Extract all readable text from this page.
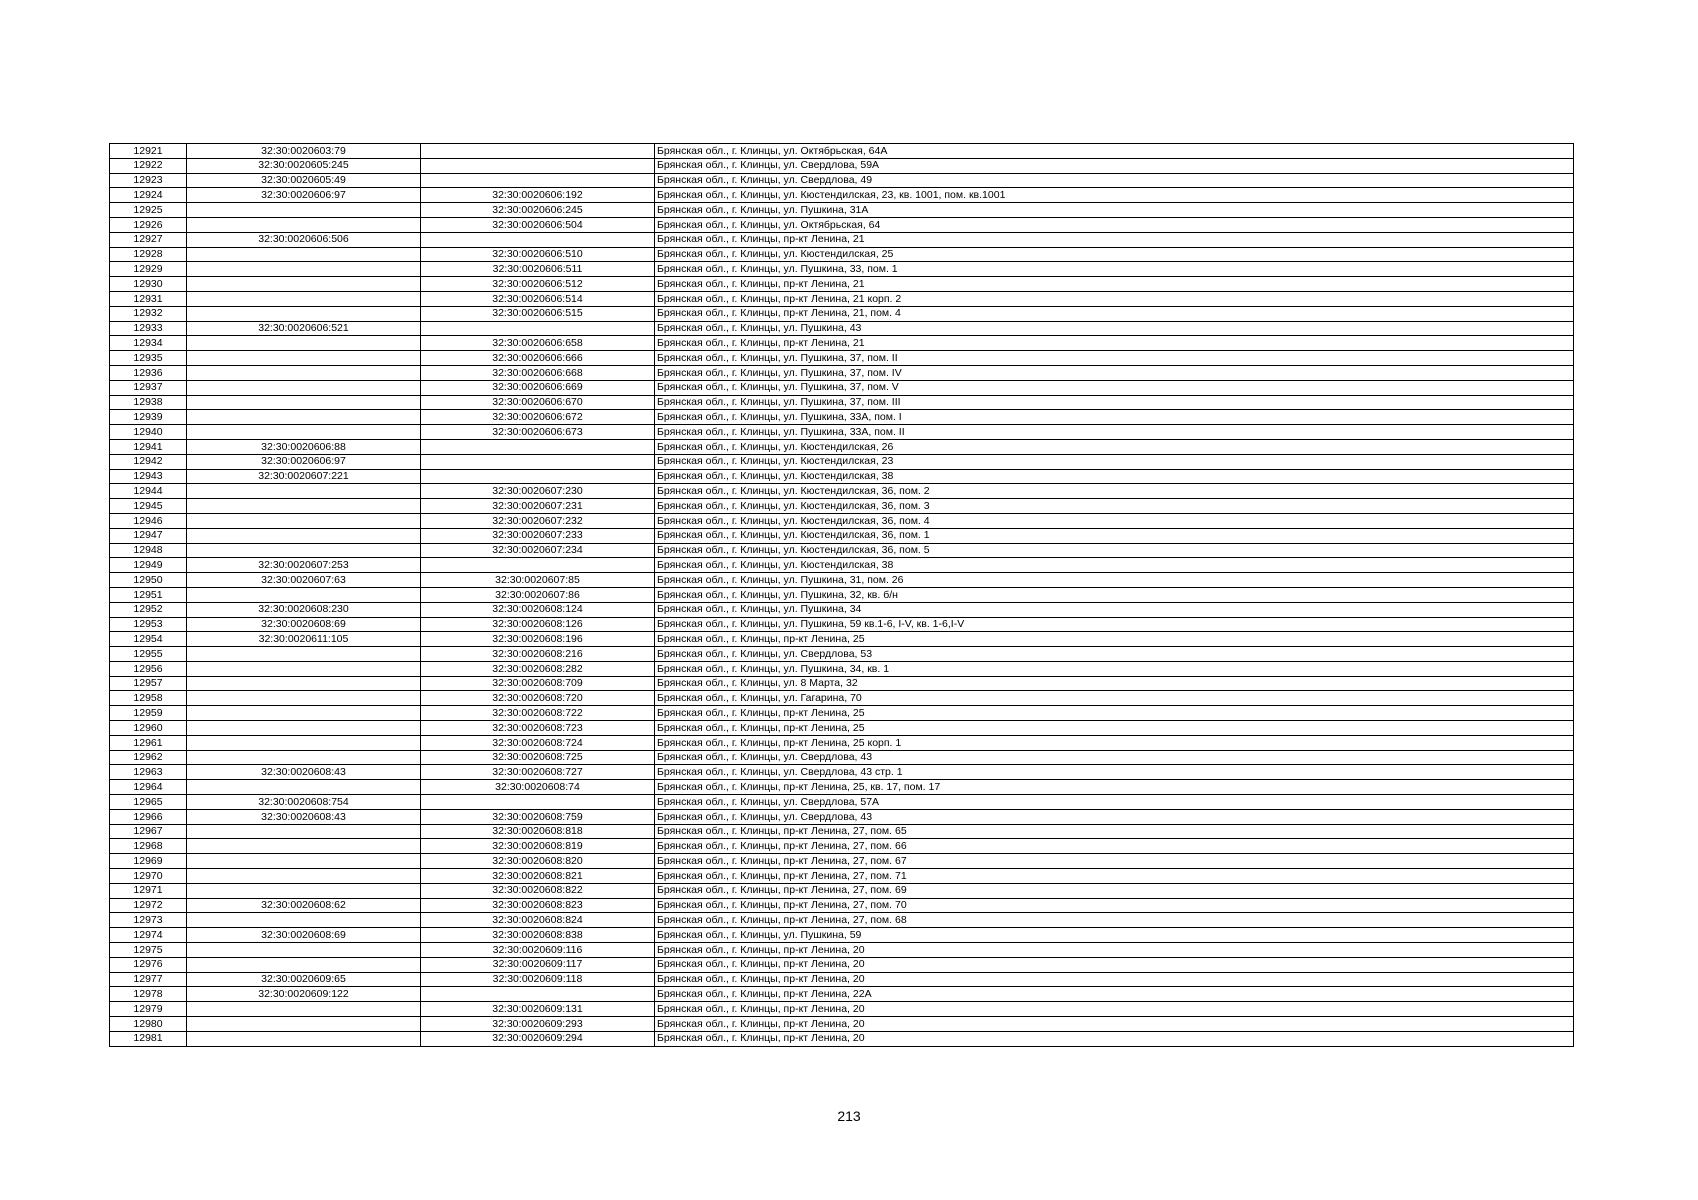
12921	32:30:0020603:79		Брянская обл., г. Клинцы, ул. Октябрьская, 64А
12922	32:30:0020605:245		Брянская обл., г. Клинцы, ул. Свердлова, 59А
12923	32:30:0020605:49		Брянская обл., г. Клинцы, ул. Свердлова, 49
12924	32:30:0020606:97	32:30:0020606:192	Брянская обл., г. Клинцы, ул. Кюстендилская, 23, кв. 1001, пом. кв.1001
12925		32:30:0020606:245	Брянская обл., г. Клинцы, ул. Пушкина, 31А
12926		32:30:0020606:504	Брянская обл., г. Клинцы, ул. Октябрьская, 64
12927	32:30:0020606:506		Брянская обл., г. Клинцы, пр-кт Ленина, 21
12928		32:30:0020606:510	Брянская обл., г. Клинцы, ул. Кюстендилская, 25
12929		32:30:0020606:511	Брянская обл., г. Клинцы, ул. Пушкина, 33, пом. 1
12930		32:30:0020606:512	Брянская обл., г. Клинцы, пр-кт Ленина, 21
12931		32:30:0020606:514	Брянская обл., г. Клинцы, пр-кт Ленина, 21 корп. 2
12932		32:30:0020606:515	Брянская обл., г. Клинцы, пр-кт Ленина, 21, пом. 4
12933	32:30:0020606:521		Брянская обл., г. Клинцы, ул. Пушкина, 43
12934		32:30:0020606:658	Брянская обл., г. Клинцы, пр-кт Ленина, 21
12935		32:30:0020606:666	Брянская обл., г. Клинцы, ул. Пушкина, 37, пом. II
12936		32:30:0020606:668	Брянская обл., г. Клинцы, ул. Пушкина, 37, пом. IV
12937		32:30:0020606:669	Брянская обл., г. Клинцы, ул. Пушкина, 37, пом. V
12938		32:30:0020606:670	Брянская обл., г. Клинцы, ул. Пушкина, 37, пом. III
12939		32:30:0020606:672	Брянская обл., г. Клинцы, ул. Пушкина, 33А, пом. I
12940		32:30:0020606:673	Брянская обл., г. Клинцы, ул. Пушкина, 33А, пом. II
12941	32:30:0020606:88		Брянская обл., г. Клинцы, ул. Кюстендилская, 26
12942	32:30:0020606:97		Брянская обл., г. Клинцы, ул. Кюстендилская, 23
12943	32:30:0020607:221		Брянская обл., г. Клинцы, ул. Кюстендилская, 38
12944		32:30:0020607:230	Брянская обл., г. Клинцы, ул. Кюстендилская, 36, пом. 2
12945		32:30:0020607:231	Брянская обл., г. Клинцы, ул. Кюстендилская, 36, пом. 3
12946		32:30:0020607:232	Брянская обл., г. Клинцы, ул. Кюстендилская, 36, пом. 4
12947		32:30:0020607:233	Брянская обл., г. Клинцы, ул. Кюстендилская, 36, пом. 1
12948		32:30:0020607:234	Брянская обл., г. Клинцы, ул. Кюстендилская, 36, пом. 5
12949	32:30:0020607:253		Брянская обл., г. Клинцы, ул. Кюстендилская, 38
12950	32:30:0020607:63	32:30:0020607:85	Брянская обл., г. Клинцы, ул. Пушкина, 31, пом. 26
12951		32:30:0020607:86	Брянская обл., г. Клинцы, ул. Пушкина, 32, кв. б/н
12952	32:30:0020608:230	32:30:0020608:124	Брянская обл., г. Клинцы, ул. Пушкина, 34
12953	32:30:0020608:69	32:30:0020608:126	Брянская обл., г. Клинцы, ул. Пушкина, 59 кв.1-6, I-V, кв. 1-6,I-V
12954	32:30:0020611:105	32:30:0020608:196	Брянская обл., г. Клинцы, пр-кт Ленина, 25
12955		32:30:0020608:216	Брянская обл., г. Клинцы, ул. Свердлова, 53
12956		32:30:0020608:282	Брянская обл., г. Клинцы, ул. Пушкина, 34, кв. 1
12957		32:30:0020608:709	Брянская обл., г. Клинцы, ул. 8 Марта, 32
12958		32:30:0020608:720	Брянская обл., г. Клинцы, ул. Гагарина, 70
12959		32:30:0020608:722	Брянская обл., г. Клинцы, пр-кт Ленина, 25
12960		32:30:0020608:723	Брянская обл., г. Клинцы, пр-кт Ленина, 25
12961		32:30:0020608:724	Брянская обл., г. Клинцы, пр-кт Ленина, 25 корп. 1
12962		32:30:0020608:725	Брянская обл., г. Клинцы, ул. Свердлова, 43
12963	32:30:0020608:43	32:30:0020608:727	Брянская обл., г. Клинцы, ул. Свердлова, 43 стр. 1
12964		32:30:0020608:74	Брянская обл., г. Клинцы, пр-кт Ленина, 25, кв. 17, пом. 17
12965	32:30:0020608:754		Брянская обл., г. Клинцы, ул. Свердлова, 57А
12966	32:30:0020608:43	32:30:0020608:759	Брянская обл., г. Клинцы, ул. Свердлова, 43
12967		32:30:0020608:818	Брянская обл., г. Клинцы, пр-кт Ленина, 27, пом. 65
12968		32:30:0020608:819	Брянская обл., г. Клинцы, пр-кт Ленина, 27, пом. 66
12969		32:30:0020608:820	Брянская обл., г. Клинцы, пр-кт Ленина, 27, пом. 67
12970		32:30:0020608:821	Брянская обл., г. Клинцы, пр-кт Ленина, 27, пом. 71
12971		32:30:0020608:822	Брянская обл., г. Клинцы, пр-кт Ленина, 27, пом. 69
12972	32:30:0020608:62	32:30:0020608:823	Брянская обл., г. Клинцы, пр-кт Ленина, 27, пом. 70
12973		32:30:0020608:824	Брянская обл., г. Клинцы, пр-кт Ленина, 27, пом. 68
12974	32:30:0020608:69	32:30:0020608:838	Брянская обл., г. Клинцы, ул. Пушкина, 59
12975		32:30:0020609:116	Брянская обл., г. Клинцы, пр-кт Ленина, 20
12976		32:30:0020609:117	Брянская обл., г. Клинцы, пр-кт Ленина, 20
12977	32:30:0020609:65	32:30:0020609:118	Брянская обл., г. Клинцы, пр-кт Ленина, 20
12978	32:30:0020609:122		Брянская обл., г. Клинцы, пр-кт Ленина, 22А
12979		32:30:0020609:131	Брянская обл., г. Клинцы, пр-кт Ленина, 20
12980		32:30:0020609:293	Брянская обл., г. Клинцы, пр-кт Ленина, 20
12981		32:30:0020609:294	Брянская обл., г. Клинцы, пр-кт Ленина, 20
213
